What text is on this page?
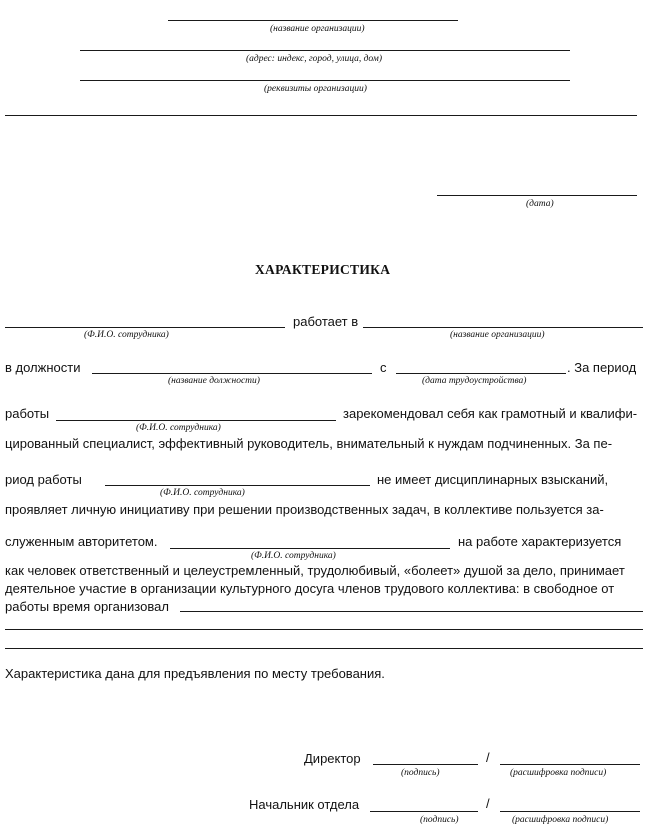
(название организации)
(адрес: индекс, город, улица, дом)
(реквизиты организации)
(дата)
ХАРАКТЕРИСТИКА
работает в
(Ф.И.О. сотрудника)	(название организации)
в должности	с	. За период
(название должности)	(дата трудоустройства)
работы	зарекомендовал себя как грамотный и квалифи-
(Ф.И.О. сотрудника)
цированный специалист, эффективный руководитель, внимательный к нуждам подчиненных. За пе-
риод работы	не имеет дисциплинарных взысканий,
(Ф.И.О. сотрудника)
проявляет личную инициативу при решении производственных задач, в коллективе пользуется за-
служенным авторитетом.	на работе характеризуется
(Ф.И.О. сотрудника)
как человек ответственный и целеустремленный, трудолюбивый, «болеет» душой за дело, принимает
деятельное участие в организации культурного досуга членов трудового коллектива: в свободное от
работы время организовал
Характеристика дана для предъявления по месту требования.
Директор	/
(подпись)	(расшифровка подписи)
Начальник отдела	/
(подпись)	(расшифровка подписи)
